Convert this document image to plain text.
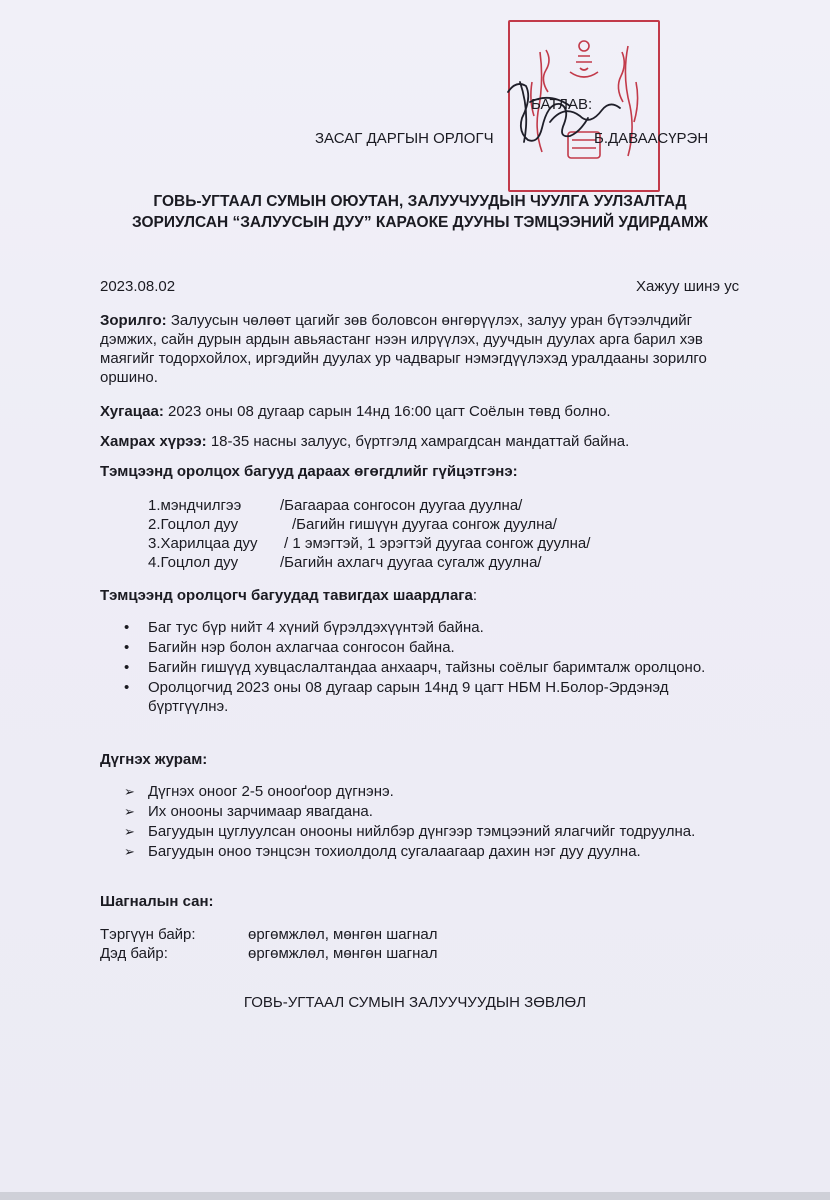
БАТЛАВ:
ЗАСАГ ДАРГЫН ОРЛОГЧ	Б.ДАВААСҮРЭН
ГОВЬ-УГТААЛ СУМЫН ОЮУТАН, ЗАЛУУЧУУДЫН ЧУУЛГА УУЛЗАЛТАД
ЗОРИУЛСАН “ЗАЛУУСЫН ДУУ” КАРАОКЕ ДУУНЫ ТЭМЦЭЭНИЙ УДИРДАМЖ
2023.08.02	Хажуу шинэ ус
Зорилго: Залуусын чөлөөт цагийг зөв боловсон өнгөрүүлэх, залуу уран бүтээлчдийг дэмжих, сайн дурын ардын авьяастанг нээн илрүүлэх, дуучдын дуулах арга барил хэв маягийг тодорхойлох, иргэдийн дуулах ур чадварыг нэмэгдүүлэхэд уралдааны зорилго оршино.
Хугацаа: 2023 оны 08 дугаар сарын 14нд 16:00 цагт Соёлын төвд болно.
Хамрах хүрээ: 18-35 насны залуус, бүртгэлд хамрагдсан мандаттай байна.
Тэмцээнд оролцох багууд дараах өгөгдлийг гүйцэтгэнэ:
1.мэндчилгээ	/Багаараа сонгосон дуугаа дуулна/
2.Гоцлол дуу	/Багийн гишүүн дуугаа сонгож дуулна/
3.Харилцаа дуу / 1 эмэгтэй, 1 эрэгтэй дуугаа сонгож дуулна/
4.Гоцлол дуу	/Багийн ахлагч дуугаа сугалж дуулна/
Тэмцээнд оролцогч багуудад тавигдах шаардлага:
• Баг тус бүр нийт 4 хүний бүрэлдэхүүнтэй байна.
• Багийн нэр болон ахлагчаа сонгосон байна.
• Багийн гишүүд хувцаслалтандаа анхаарч, тайзны соёлыг баримталж оролцоно.
• Оролцогчид 2023 оны 08 дугаар сарын 14нд 9 цагт НБМ Н.Болор-Эрдэнэд бүртгүүлнэ.
Дүгнэх журам:
➢ Дүгнэх оноог 2-5 онооґоор дүгнэнэ.
➢ Их онооны зарчимаар явагдана.
➢ Багуудын цуглуулсан онооны нийлбэр дүнгээр тэмцээний ялагчийг тодруулна.
➢ Багуудын оноо тэнцсэн тохиолдолд сугалаагаар дахин нэг дуу дуулна.
Шагналын сан:
Тэргүүн байр:	өргөмжлөл, мөнгөн шагнал
Дэд байр:	өргөмжлөл, мөнгөн шагнал
ГОВЬ-УГТААЛ СУМЫН ЗАЛУУЧУУДЫН ЗӨВЛӨЛ
